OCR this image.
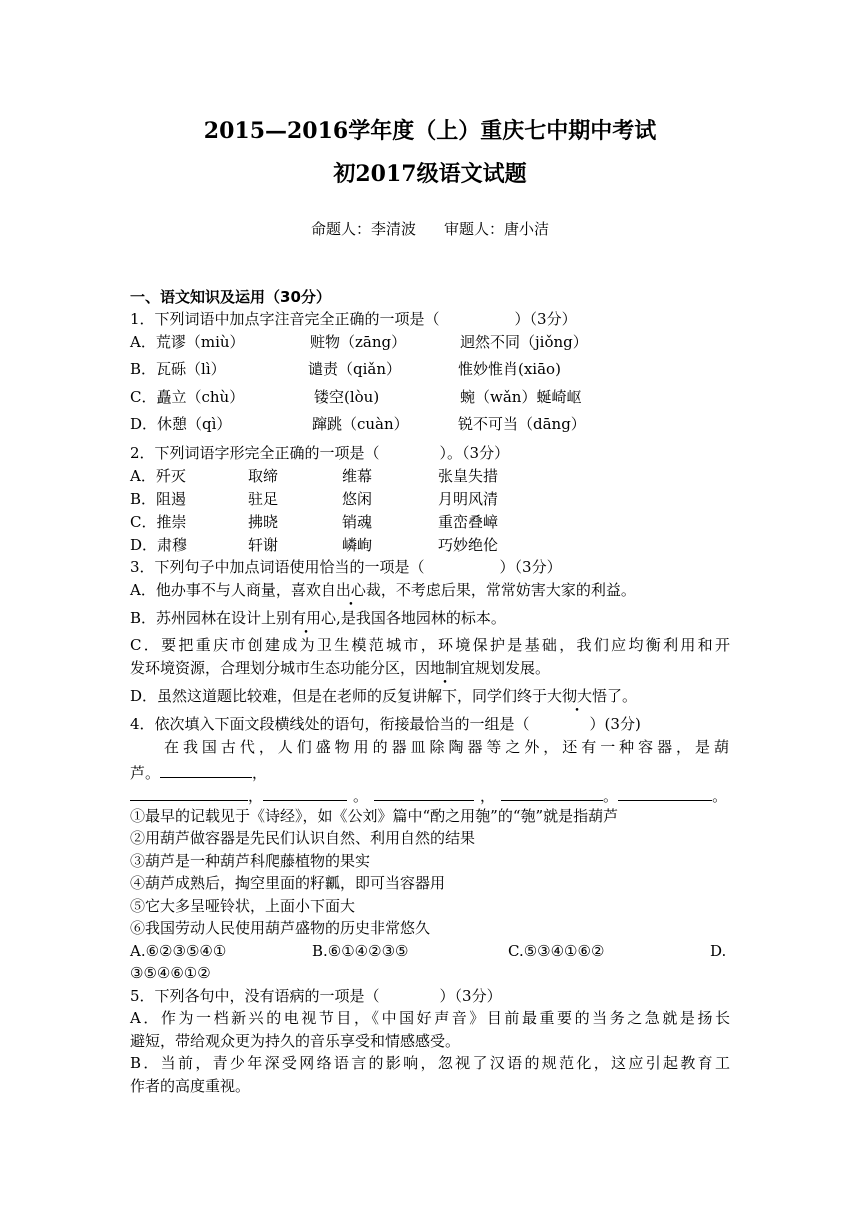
2015—2016学年度（上）重庆七中期中考试
初2017级语文试题
命题人：李清波 审题人：唐小洁
一、语文知识及运用（30分）
1．下列词语中加点字注音完全正确的一项是（　　　　　）（3分）
A．荒谬（miù）	赃物（zāng）	迥然不同（jiǒng）
B．瓦砾（lì）	谴责（qiǎn）	惟妙惟肖(xiāo)
C．矗立（chù）	镂空(lòu)	蜿（wǎn）蜒崎岖
D．休憩（qì）	蹿跳（cuàn）	锐不可当（dāng）
2．下列词语字形完全正确的一项是（　　　　）。（3分）
A．歼灭	取缔	维幕	张皇失措
B．阻遏	驻足	悠闲	月明风清
C．推崇	拂晓	销魂	重峦叠嶂
D．肃穆	轩谢	嶙峋	巧妙绝伦
3．下列句子中加点词语使用恰当的一项是（　　　　　）（3分）
A．他办事不与人商量，喜欢自出心裁，不考虑后果，常常妨害大家的利益。
B．苏州园林在设计上别有用心,是我国各地园林的标本。
C．要把重庆市创建成为卫生模范城市，环境保护是基础，我们应均衡利用和开
发环境资源，合理划分城市生态功能分区，因地制宜规划发展。
D．虽然这道题比较难，但是在老师的反复讲解下，同学们终于大彻大悟了。
4．依次填入下面文段横线处的语句，衔接最恰当的一组是（　　　　）(3分)
在我国古代，人们盛物用的器皿除陶器等之外，还有一种容器，是葫
芦。	，
，	。	，	。	。
①最早的记载见于《诗经》，如《公刘》篇中“酌之用匏”的“匏”就是指葫芦
②用葫芦做容器是先民们认识自然、利用自然的结果
③葫芦是一种葫芦科爬藤植物的果实
④葫芦成熟后，掏空里面的籽瓤，即可当容器用
⑤它大多呈哑铃状，上面小下面大
⑥我国劳动人民使用葫芦盛物的历史非常悠久
A.⑥②③⑤④①	B.⑥①④②③⑤	C.⑤③④①⑥②	D.
③⑤④⑥①②
5．下列各句中，没有语病的一项是（　　　　）（3分）
A．作为一档新兴的电视节目，《中国好声音》目前最重要的当务之急就是扬长
避短，带给观众更为持久的音乐享受和情感感受。
B．当前，青少年深受网络语言的影响，忽视了汉语的规范化，这应引起教育工
作者的高度重视。
